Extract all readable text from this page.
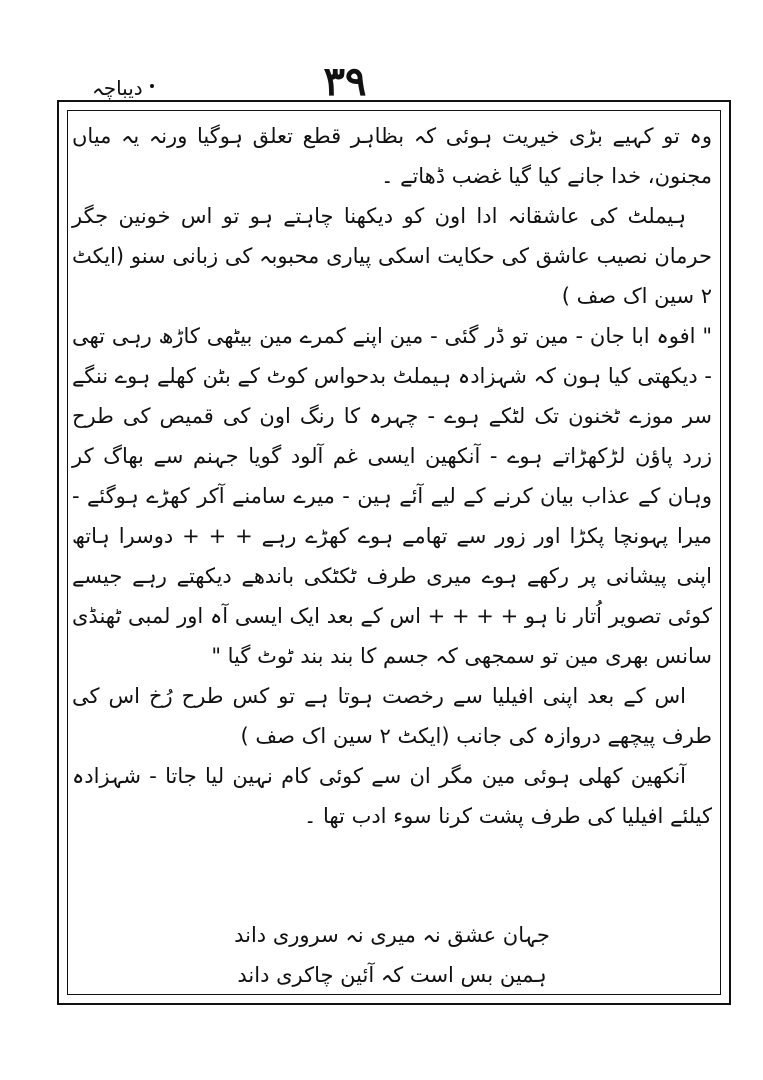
۳۹
دیباچہ

وہ تو کہیے بڑی خیریت ہوئی کہ بظاہر قطع تعلق ہوگیا ورنہ یہ میاں مجنون، خدا جانے کیا گیا غضب ڈھاتے ۔

ہیملٹ کی عاشقانہ ادا اون کو دیکھنا چاہتے ہو تو اس خونین جگر حرمان نصیب عاشق کی حکایت اسکی پیاری محبوبہ کی زبانی سنو (ایکٹ ۲ سین اک صف )

" افوہ ابا جان - مین تو ڈر گئی - مین اپنے کمرے مین بیٹھی کاڑھ رہی تھی - دیکھتی کیا ہون کہ شہزادہ ہیملٹ بدحواس کوٹ کے بٹن کھلے ہوے ننگے سر موزے ٹخنون تک لٹکے ہوے - چہرہ کا رنگ اون کی قمیص کی طرح زرد پاؤن لڑکھڑاتے ہوے - آنکھین ایسی غم آلود گویا جہنم سے بھاگ کر وہان کے عذاب بیان کرنے کے لیے آئے ہین - میرے سامنے آکر کھڑے ہوگئے - میرا پہونچا پکڑا اور زور سے تھامے ہوے کھڑے رہے + + + دوسرا ہاتھ اپنی پیشانی پر رکھے ہوے میری طرف ٹکٹکی باندھے دیکھتے رہے جیسے کوئی تصویر اُتار نا ہو + + + + اس کے بعد ایک ایسی آہ اور لمبی ٹھنڈی سانس بھری مین تو سمجھی کہ جسم کا بند بند ٹوٹ گیا "

اس کے بعد اپنی افیلیا سے رخصت ہوتا ہے تو کس طرح رُخ اس کی طرف پیچھے دروازہ کی جانب (ایکٹ ۲ سین اک صف )

آنکھین کھلی ہوئی مین مگر ان سے کوئی کام نہین لیا جاتا - شہزادہ کیلئے افیلیا کی طرف پشت کرنا سوء ادب تھا ۔

جہان عشق نہ میری نہ سروری داند
ہمین بس است کہ آئین چاکری داند
